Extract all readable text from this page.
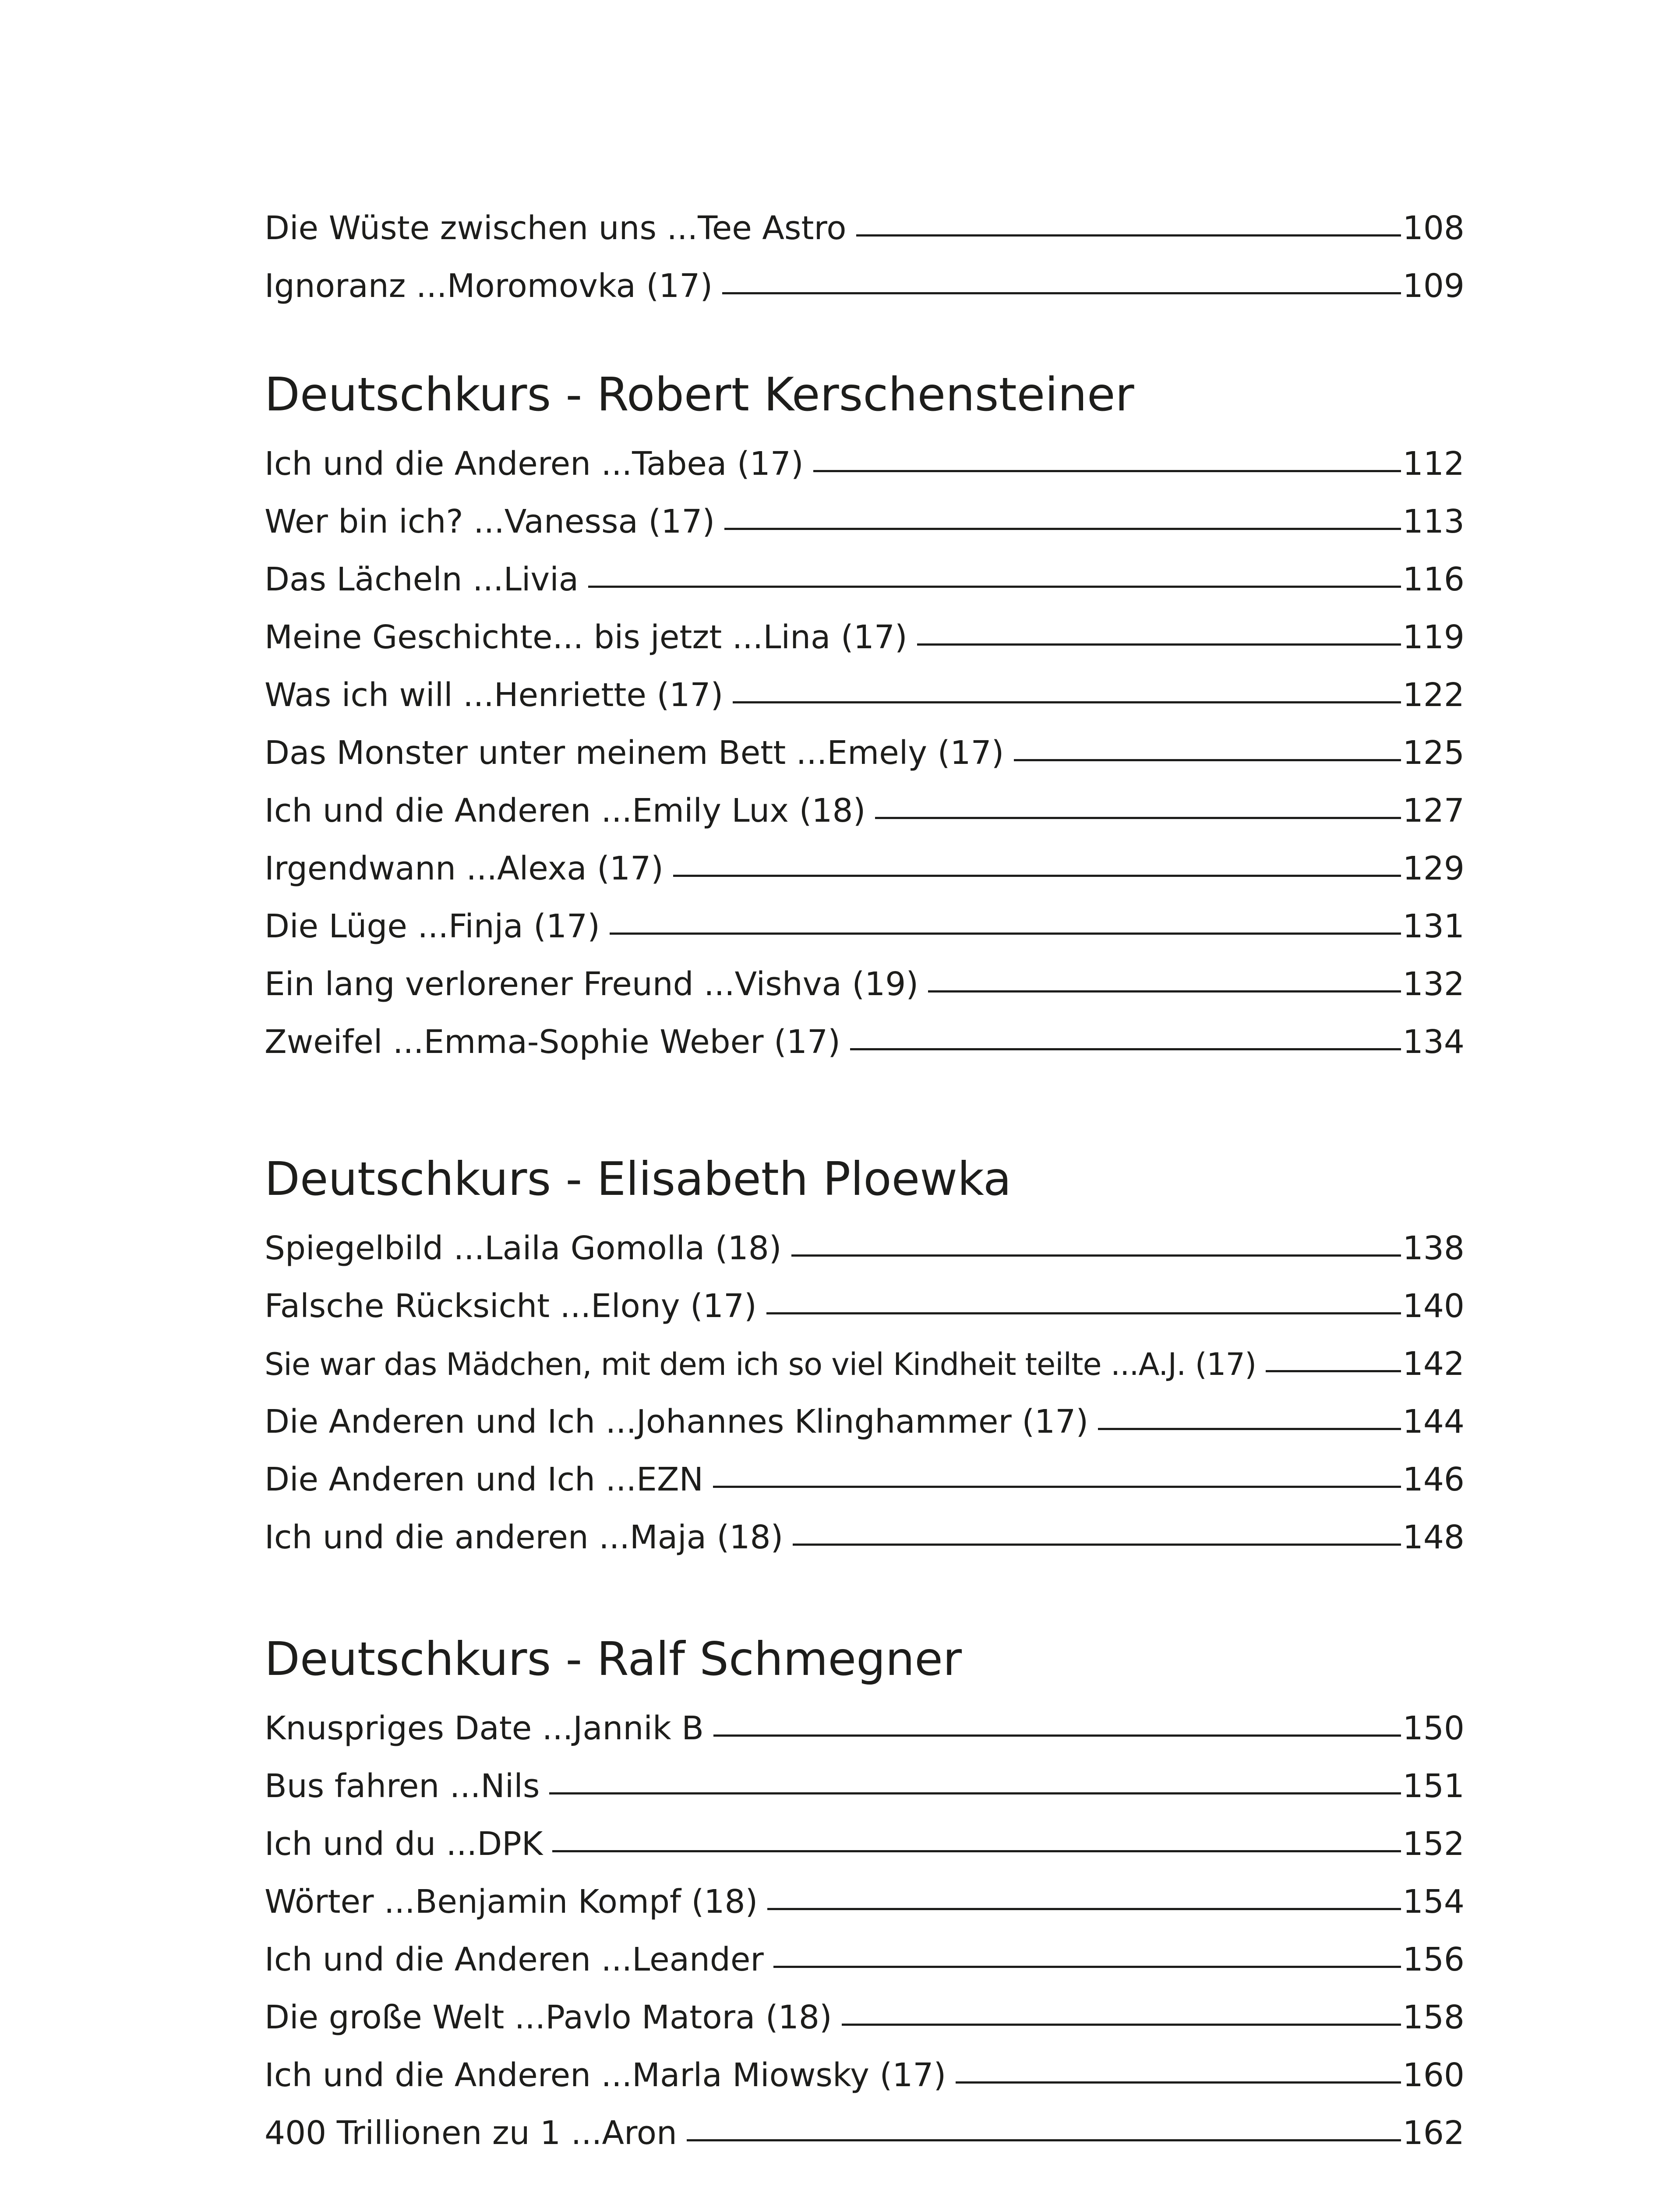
Die Wüste zwischen uns ...Tee Astro	108
Ignoranz ...Moromovka (17)	109
Deutschkurs - Robert Kerschensteiner
Ich und die Anderen ...Tabea (17)	112
Wer bin ich? ...Vanessa (17)	113
Das Lächeln ...Livia	116
Meine Geschichte... bis jetzt ...Lina (17)	119
Was ich will ...Henriette (17)	122
Das Monster unter meinem Bett ...Emely (17)	125
Ich und die Anderen ...Emily Lux (18)	127
Irgendwann ...Alexa (17)	129
Die Lüge ...Finja (17)	131
Ein lang verlorener Freund ...Vishva (19)	132
Zweifel ...Emma-Sophie Weber (17)	134
Deutschkurs - Elisabeth Ploewka
Spiegelbild ...Laila Gomolla (18)	138
Falsche Rücksicht ...Elony (17)	140
Sie war das Mädchen, mit dem ich so viel Kindheit teilte ...A.J. (17)	142
Die Anderen und Ich ...Johannes Klinghammer (17)	144
Die Anderen und Ich ...EZN	146
Ich und die anderen ...Maja (18)	148
Deutschkurs - Ralf Schmegner
Knuspriges Date ...Jannik B	150
Bus fahren ...Nils	151
Ich und du ...DPK	152
Wörter ...Benjamin Kompf (18)	154
Ich und die Anderen ...Leander	156
Die große Welt ...Pavlo Matora (18)	158
Ich und die Anderen ...Marla Miowsky (17)	160
400 Trillionen zu 1 ...Aron	162
